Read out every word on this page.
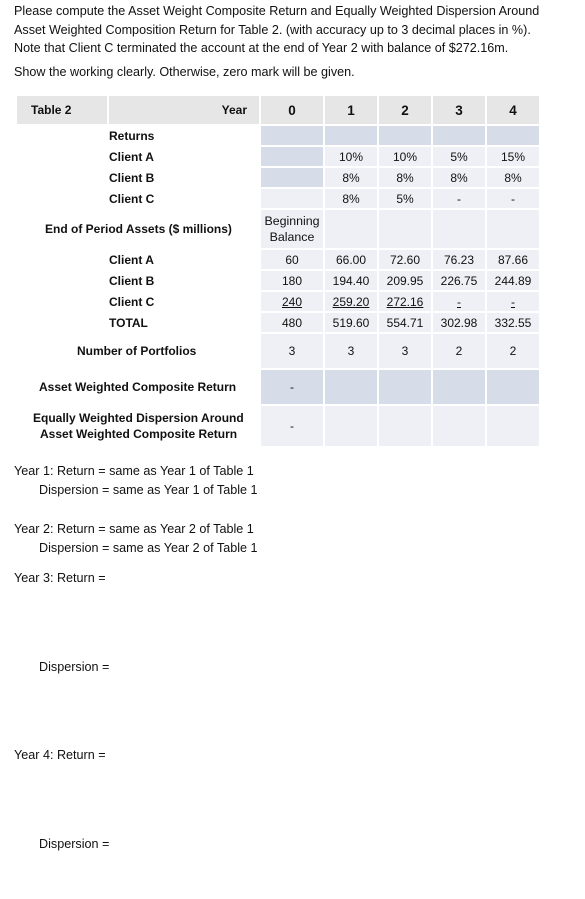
Please compute the Asset Weight Composite Return and Equally Weighted Dispersion Around

Asset Weighted Composition Return for Table 2. (with accuracy up to 3 decimal places in %).

Note that Client C terminated the account at the end of Year 2 with balance of $272.16m.

Show the working clearly. Otherwise, zero mark will be given.
Table 2	Year	0	1	2	3	4
	Returns					
	Client A		10%	10%	5%	15%
	Client B		8%	8%	8%	8%
	Client C		8%	5%	-	-
End of Period Assets ($ millions)		Beginning
Balance				

	Client A	60	66.00	72.60	76.23	87.66
	Client B	180	194.40	209.95	226.75	244.89
	Client C	240	259.20	272.16	-	-
	TOTAL	480	519.60	554.71	302.98	332.55
Number of Portfolios		3	3	3	2	2
Asset Weighted Composite Return		-				

Equally Weighted Dispersion Around
Asset Weighted Composite Return		-				
Year 1: Return = same as Year 1 of Table 1
Dispersion = same as Year 1 of Table 1
Year 2: Return = same as Year 2 of Table 1
Dispersion = same as Year 2 of Table 1
Year 3: Return =
Dispersion =
Year 4: Return =
Dispersion =
